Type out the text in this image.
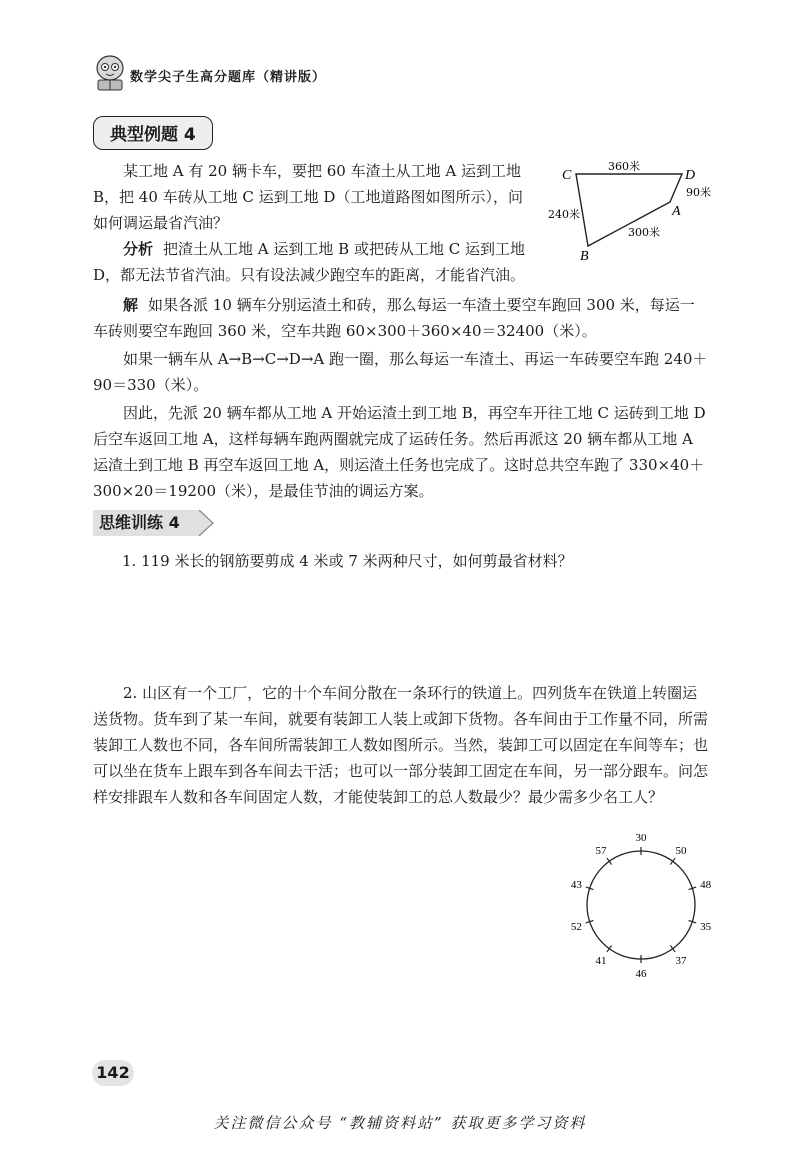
数学尖子生高分题库（精讲版）
典型例题 4
某工地 A 有 20 辆卡车，要把 60 车渣土从工地 A 运到工地 B，把 40 车砖从工地 C 运到工地 D（工地道路图如图所示），问如何调运最省汽油？
C	D
A
B
360米
90米
240米
300米
分析 把渣土从工地 A 运到工地 B 或把砖从工地 C 运到工地 D，都无法节省汽油。只有设法减少跑空车的距离，才能省汽油。
解 如果各派 10 辆车分别运渣土和砖，那么每运一车渣土要空车跑回 300 米，每运一车砖则要空车跑回 360 米，空车共跑 60×300＋360×40＝32400（米）。
如果一辆车从 A→B→C→D→A 跑一圈，那么每运一车渣土、再运一车砖要空车跑 240＋90＝330（米）。
因此，先派 20 辆车都从工地 A 开始运渣土到工地 B，再空车开往工地 C 运砖到工地 D 后空车返回工地 A，这样每辆车跑两圈就完成了运砖任务。然后再派这 20 辆车都从工地 A 运渣土到工地 B 再空车返回工地 A，则运渣土任务也完成了。这时总共空车跑了 330×40＋300×20＝19200（米），是最佳节油的调运方案。
思维训练 4
1. 119 米长的钢筋要剪成 4 米或 7 米两种尺寸，如何剪最省材料？
2. 山区有一个工厂，它的十个车间分散在一条环行的铁道上。四列货车在铁道上转圈运送货物。货车到了某一车间，就要有装卸工人装上或卸下货物。各车间由于工作量不同，所需装卸工人数也不同，各车间所需装卸工人数如图所示。当然，装卸工可以固定在车间等车；也可以坐在货车上跟车到各车间去干活；也可以一部分装卸工固定在车间，另一部分跟车。问怎样安排跟车人数和各车间固定人数，才能使装卸工的总人数最少？最少需多少名工人？
30
50
48
35
37
46
41
52
43
57
142
关注微信公众号 “教辅资料站” 获取更多学习资料
